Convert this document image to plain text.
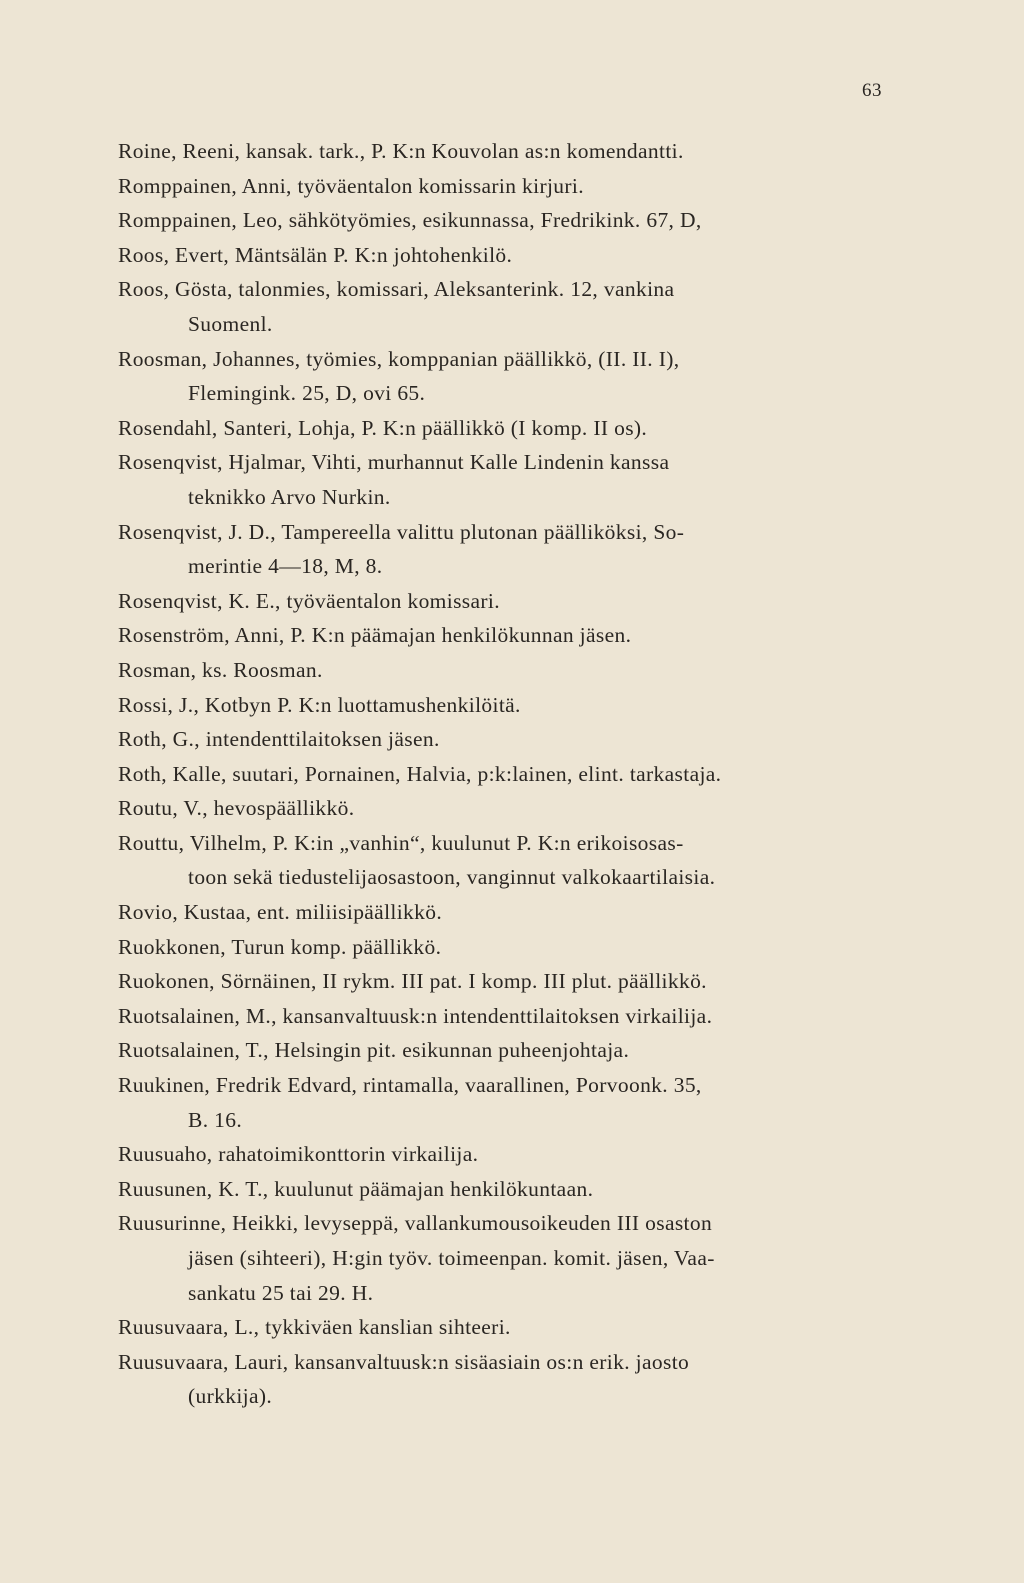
63
Roine, Reeni, kansak. tark., P. K:n Kouvolan as:n komendantti.
Romppainen, Anni, työväentalon komissarin kirjuri.
Romppainen, Leo, sähkötyömies, esikunnassa, Fredrikink. 67, D,
Roos, Evert, Mäntsälän P. K:n johtohenkilö.
Roos, Gösta, talonmies, komissari, Aleksanterink. 12, vankina
Suomenl.
Roosman, Johannes, työmies, komppanian päällikkö, (II. II. I),
Flemingink. 25, D, ovi 65.
Rosendahl, Santeri, Lohja, P. K:n päällikkö (I komp. II os).
Rosenqvist, Hjalmar, Vihti, murhannut Kalle Lindenin kanssa
teknikko Arvo Nurkin.
Rosenqvist, J. D., Tampereella valittu plutonan päälliköksi, So-
merintie 4—18, M, 8.
Rosenqvist, K. E., työväentalon komissari.
Rosenström, Anni, P. K:n päämajan henkilökunnan jäsen.
Rosman, ks. Roosman.
Rossi, J., Kotbyn P. K:n luottamushenkilöitä.
Roth, G., intendenttilaitoksen jäsen.
Roth, Kalle, suutari, Pornainen, Halvia, p:k:lainen, elint. tarkastaja.
Routu, V., hevospäällikkö.
Routtu, Vilhelm, P. K:in „vanhin“, kuulunut P. K:n erikoisosas-
toon sekä tiedustelijaosastoon, vanginnut valkokaartilaisia.
Rovio, Kustaa, ent. miliisipäällikkö.
Ruokkonen, Turun komp. päällikkö.
Ruokonen, Sörnäinen, II rykm. III pat. I komp. III plut. päällikkö.
Ruotsalainen, M., kansanvaltuusk:n intendenttilaitoksen virkailija.
Ruotsalainen, T., Helsingin pit. esikunnan puheenjohtaja.
Ruukinen, Fredrik Edvard, rintamalla, vaarallinen, Porvoonk. 35,
B. 16.
Ruusuaho, rahatoimikonttorin virkailija.
Ruusunen, K. T., kuulunut päämajan henkilökuntaan.
Ruusurinne, Heikki, levyseppä, vallankumousoikeuden III osaston
jäsen (sihteeri), H:gin työv. toimeenpan. komit. jäsen, Vaa-
sankatu 25 tai 29. H.
Ruusuvaara, L., tykkiväen kanslian sihteeri.
Ruusuvaara, Lauri, kansanvaltuusk:n sisäasiain os:n erik. jaosto
(urkkija).
